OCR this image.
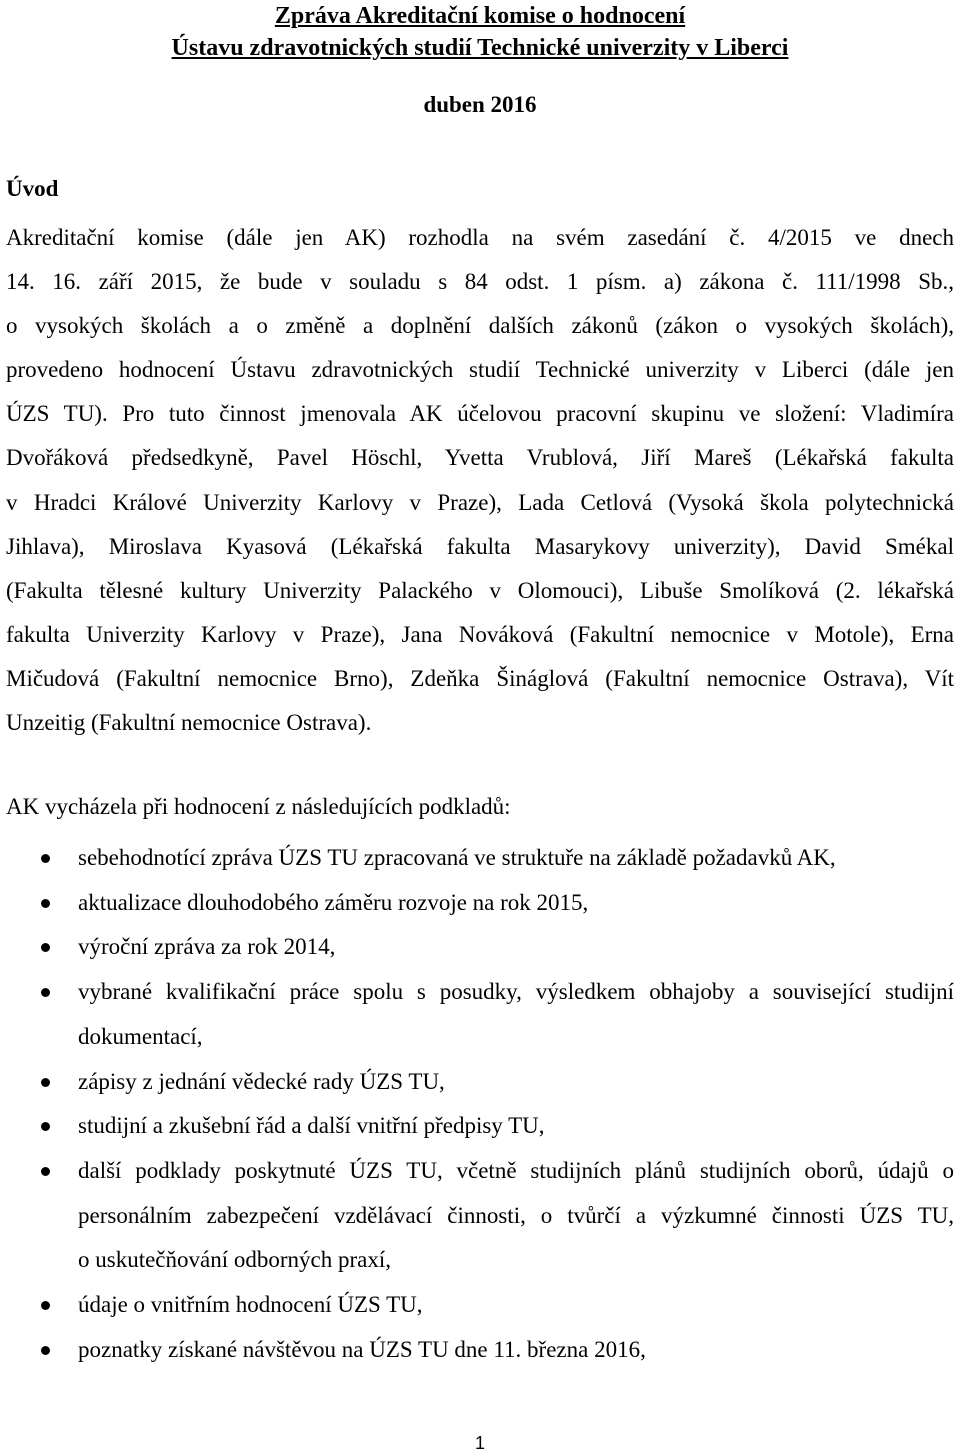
Zpráva Akreditační komise o hodnocení
Ústavu zdravotnických studií Technické univerzity v Liberci
duben 2016
Úvod
Akreditační komise (dále jen AK) rozhodla na svém zasedání č. 4/2015 ve dnech
14. 16. září 2015, že bude v souladu s 84 odst. 1 písm. a) zákona č. 111/1998 Sb.,
o vysokých školách a o změně a doplnění dalších zákonů (zákon o vysokých školách),
provedeno hodnocení Ústavu zdravotnických studií Technické univerzity v Liberci (dále jen
ÚZS TU). Pro tuto činnost jmenovala AK účelovou pracovní skupinu ve složení: Vladimíra
Dvořáková předsedkyně, Pavel Höschl, Yvetta Vrublová, Jiří Mareš (Lékařská fakulta
v Hradci Králové Univerzity Karlovy v Praze), Lada Cetlová (Vysoká škola polytechnická
Jihlava), Miroslava Kyasová (Lékařská fakulta Masarykovy univerzity), David Smékal
(Fakulta tělesné kultury Univerzity Palackého v Olomouci), Libuše Smolíková (2. lékařská
fakulta Univerzity Karlovy v Praze), Jana Nováková (Fakultní nemocnice v Motole), Erna
Mičudová (Fakultní nemocnice Brno), Zdeňka Šináglová (Fakultní nemocnice Ostrava), Vít
Unzeitig (Fakultní nemocnice Ostrava).
AK vycházela při hodnocení z následujících podkladů:
sebehodnotící zpráva ÚZS TU zpracovaná ve struktuře na základě požadavků AK,
aktualizace dlouhodobého záměru rozvoje na rok 2015,
výroční zpráva za rok 2014,
vybrané kvalifikační práce spolu s posudky, výsledkem obhajoby a související studijní
dokumentací,
zápisy z jednání vědecké rady ÚZS TU,
studijní a zkušební řád a další vnitřní předpisy TU,
další podklady poskytnuté ÚZS TU, včetně studijních plánů studijních oborů, údajů o
personálním zabezpečení vzdělávací činnosti, o tvůrčí a výzkumné činnosti ÚZS TU,
o uskutečňování odborných praxí,
údaje o vnitřním hodnocení ÚZS TU,
poznatky získané návštěvou na ÚZS TU dne 11. března 2016,
1
